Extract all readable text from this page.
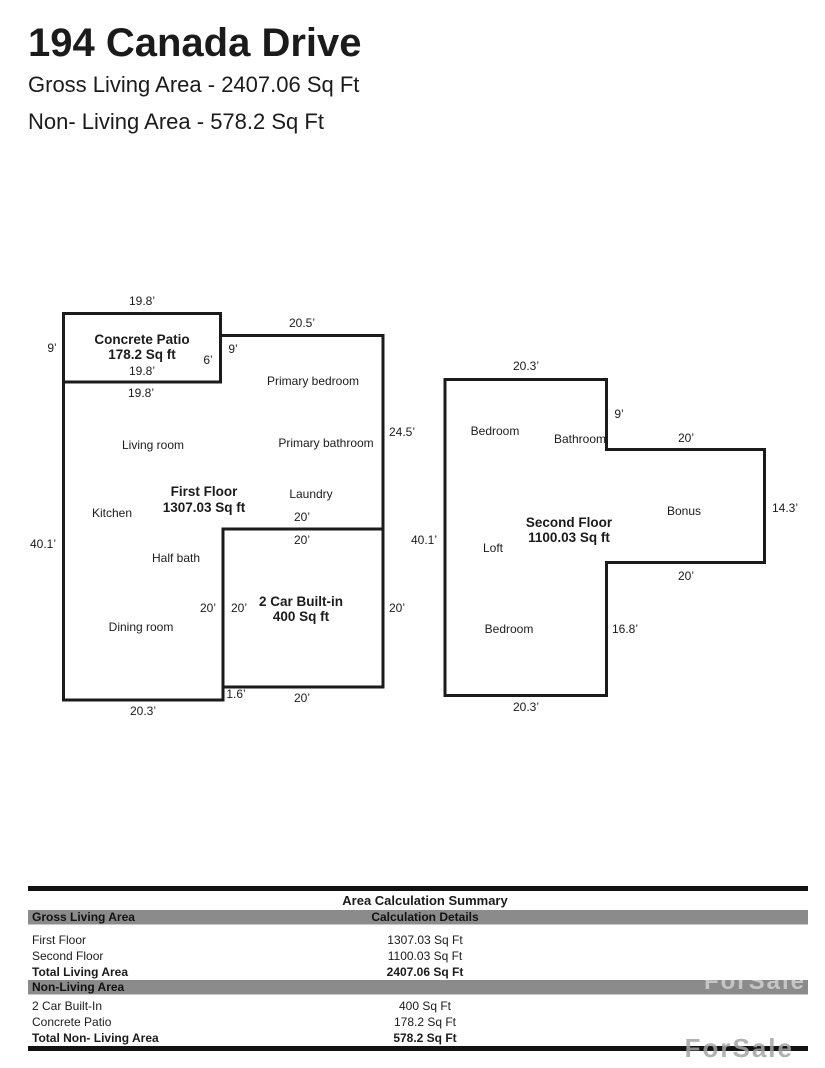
194 Canada Drive
Gross Living Area - 2407.06 Sq Ft
Non- Living Area - 578.2 Sq Ft
19.8’
Concrete Patio
178.2 Sq ft
9’
6’
9’
19.8’
19.8’
20.5’
Primary bedroom
Living room	Primary bathroom
24.5’
First Floor
1307.03 Sq ft
Laundry
20’
40.1’	20’
Kitchen
Half bath
20’ 20’ 2 Car Built-in
400 Sq ft
20’
Dining room
1.6’	20’
20.3’
20.3’
9’
Bedroom
Bathroom	20’
Bonus	14.3’
Second Floor
1100.03 Sq ft
Loft
40.1’
20’
Bedroom	16.8’
20.3’
Area Calculation Summary
Gross Living Area	Calculation Details
First Floor	1307.03 Sq Ft
Second Floor	1100.03 Sq Ft
Total Living Area	2407.06 Sq Ft
Non-Living Area	ForSale
2 Car Built-In	400 Sq Ft
Concrete Patio	178.2 Sq Ft
Total Non- Living Area	578.2 Sq Ft	ForSale
